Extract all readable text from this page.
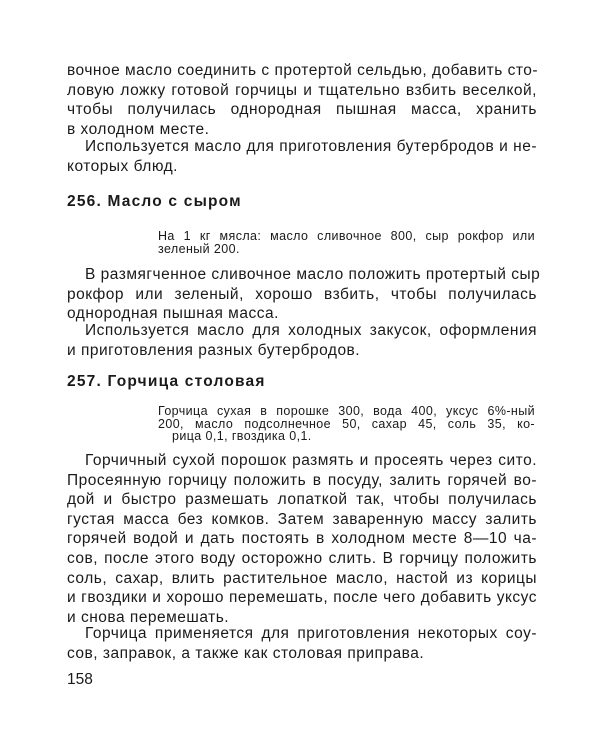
вочное масло соединить с протертой сельдью, добавить сто-
ловую ложку готовой горчицы и тщательно взбить веселкой,
чтобы получилась однородная пышная масса, хранить
в холодном месте.
Используется масло для приготовления бутербродов и не-
которых блюд.
256. Масло с сыром
На 1 кг мясла: масло сливочное 800, сыр рокфор или
зеленый 200.
В размягченное сливочное масло положить протертый сыр
рокфор или зеленый, хорошо взбить, чтобы получилась
однородная пышная масса.
Используется масло для холодных закусок, оформления
и приготовления разных бутербродов.
257. Горчица столовая
Горчица сухая в порошке 300, вода 400, уксус 6%-ный
200, масло подсолнечное 50, сахар 45, соль 35, ко-
рица 0,1, гвоздика 0,1.
Горчичный сухой порошок размять и просеять через сито.
Просеянную горчицу положить в посуду, залить горячей во-
дой и быстро размешать лопаткой так, чтобы получилась
густая масса без комков. Затем заваренную массу залить
горячей водой и дать постоять в холодном месте 8—10 ча-
сов, после этого воду осторожно слить. В горчицу положить
соль, сахар, влить растительное масло, настой из корицы
и гвоздики и хорошо перемешать, после чего добавить уксус
и снова перемешать.
Горчица применяется для приготовления некоторых соу-
сов, заправок, а также как столовая приправа.
158
